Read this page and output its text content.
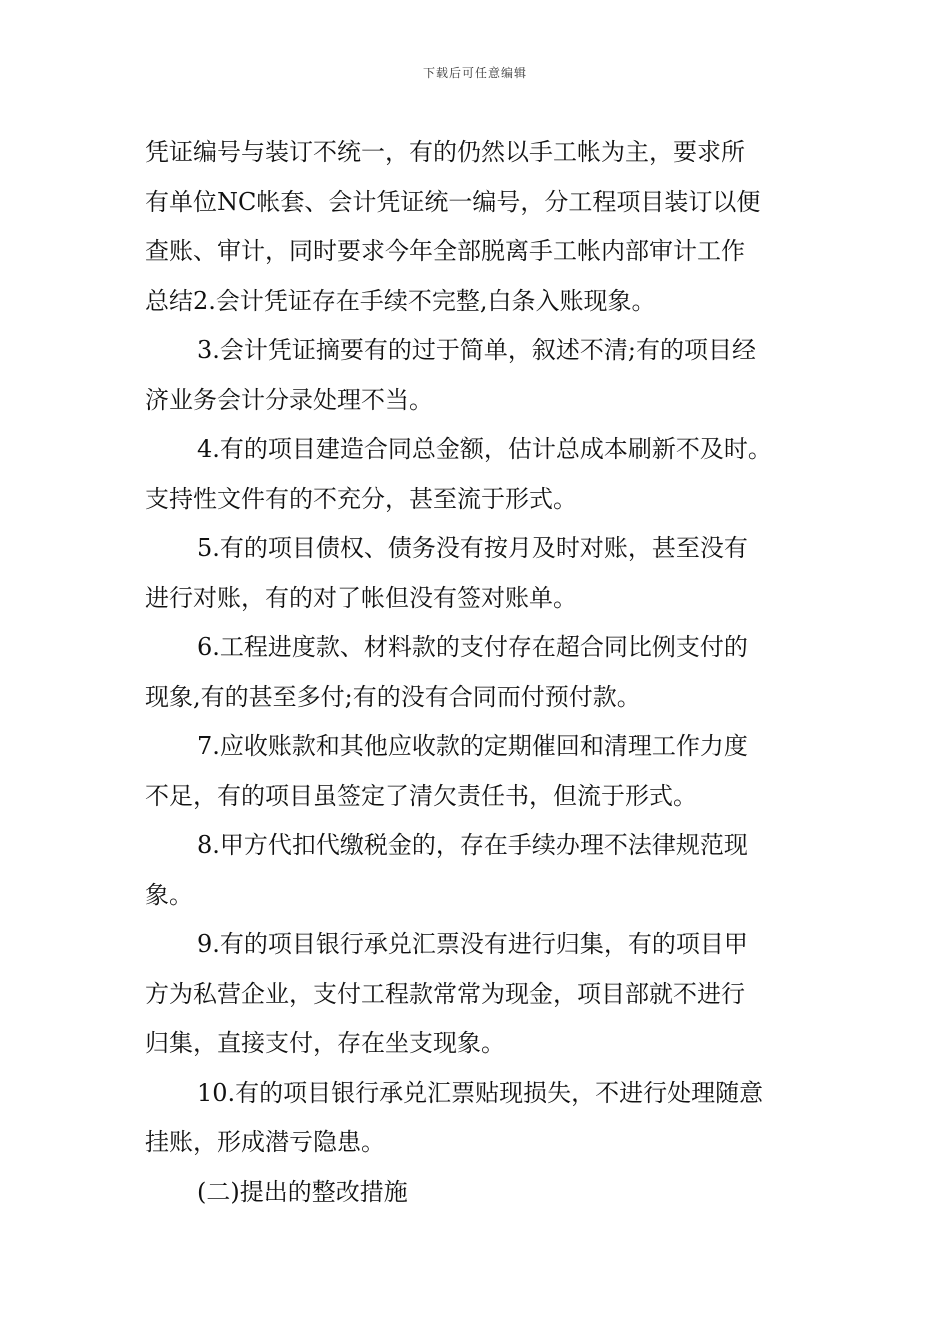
下载后可任意编辑

凭证编号与装订不统一，有的仍然以手工帐为主，要求所
有单位NC帐套、会计凭证统一编号，分工程项目装订以便
查账、审计，同时要求今年全部脱离手工帐内部审计工作
总结2.会计凭证存在手续不完整,白条入账现象。

3.会计凭证摘要有的过于简单，叙述不清;有的项目经
济业务会计分录处理不当。

4.有的项目建造合同总金额，估计总成本刷新不及时。
支持性文件有的不充分，甚至流于形式。

5.有的项目债权、债务没有按月及时对账，甚至没有
进行对账，有的对了帐但没有签对账单。

6.工程进度款、材料款的支付存在超合同比例支付的
现象,有的甚至多付;有的没有合同而付预付款。

7.应收账款和其他应收款的定期催回和清理工作力度
不足，有的项目虽签定了清欠责任书，但流于形式。

8.甲方代扣代缴税金的，存在手续办理不法律规范现
象。

9.有的项目银行承兑汇票没有进行归集，有的项目甲
方为私营企业，支付工程款常常为现金，项目部就不进行
归集，直接支付，存在坐支现象。

10.有的项目银行承兑汇票贴现损失，不进行处理随意
挂账，形成潜亏隐患。

(二)提出的整改措施
